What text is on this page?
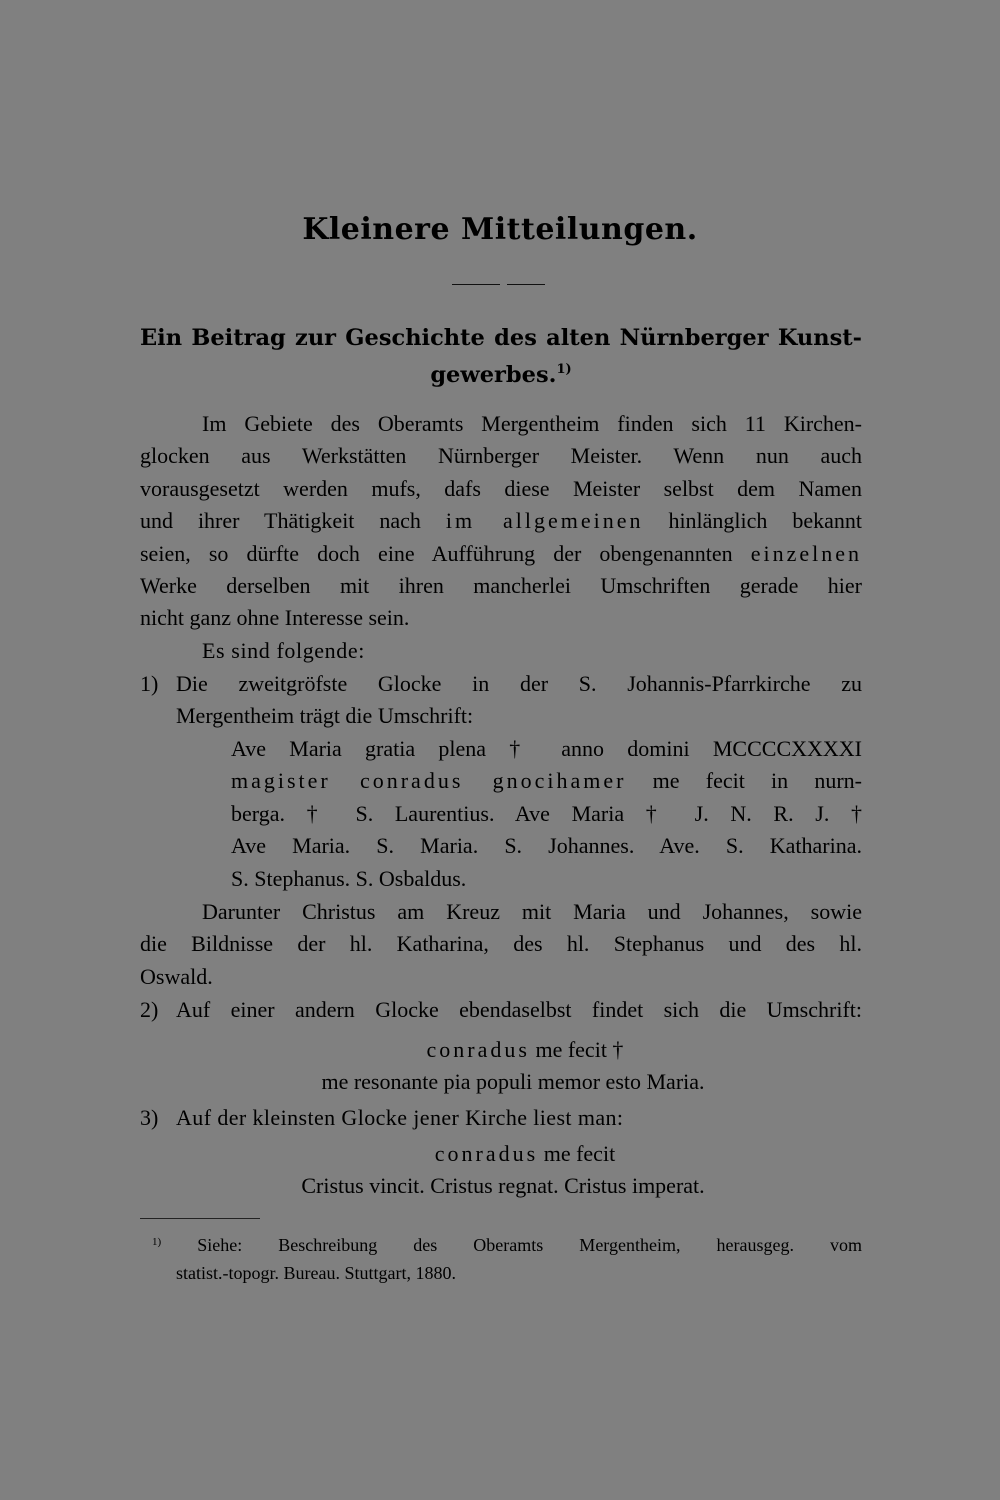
Kleinere Mitteilungen.
Ein Beitrag zur Geschichte des alten Nürnberger Kunst-
gewerbes.$^{1)}$
Im Gebiete des Oberamts Mergentheim finden sich 11 Kirchen-
glocken aus Werkstätten Nürnberger Meister. Wenn nun auch
vorausgesetzt werden mufs, dafs diese Meister selbst dem Namen
und ihrer Thätigkeit nach im allgemeinen hinlänglich bekannt
seien, so dürfte doch eine Aufführung der obengenannten einzelnen
Werke derselben mit ihren mancherlei Umschriften gerade hier
nicht ganz ohne Interesse sein.
Es sind folgende:
1) Die zweitgröfste Glocke in der S. Johannis-Pfarrkirche zu
Mergentheim trägt die Umschrift:
Ave Maria gratia plena † anno domini MCCCCXXXXI
magister conradus gnocihamer me fecit in nurn-
berga. † S. Laurentius. Ave Maria † J. N. R. J. †
Ave Maria. S. Maria. S. Johannes. Ave. S. Katharina.
S. Stephanus. S. Osbaldus.
Darunter Christus am Kreuz mit Maria und Johannes, sowie
die Bildnisse der hl. Katharina, des hl. Stephanus und des hl.
Oswald.
2) Auf einer andern Glocke ebendaselbst findet sich die Umschrift:
conradus me fecit †
me resonante pia populi memor esto Maria.
3) Auf der kleinsten Glocke jener Kirche liest man:
conradus me fecit
Cristus vincit. Cristus regnat. Cristus imperat.
$^{1)}$ Siehe: Beschreibung des Oberamts Mergentheim, herausgeg. vom
statist.-topogr. Bureau. Stuttgart, 1880.
